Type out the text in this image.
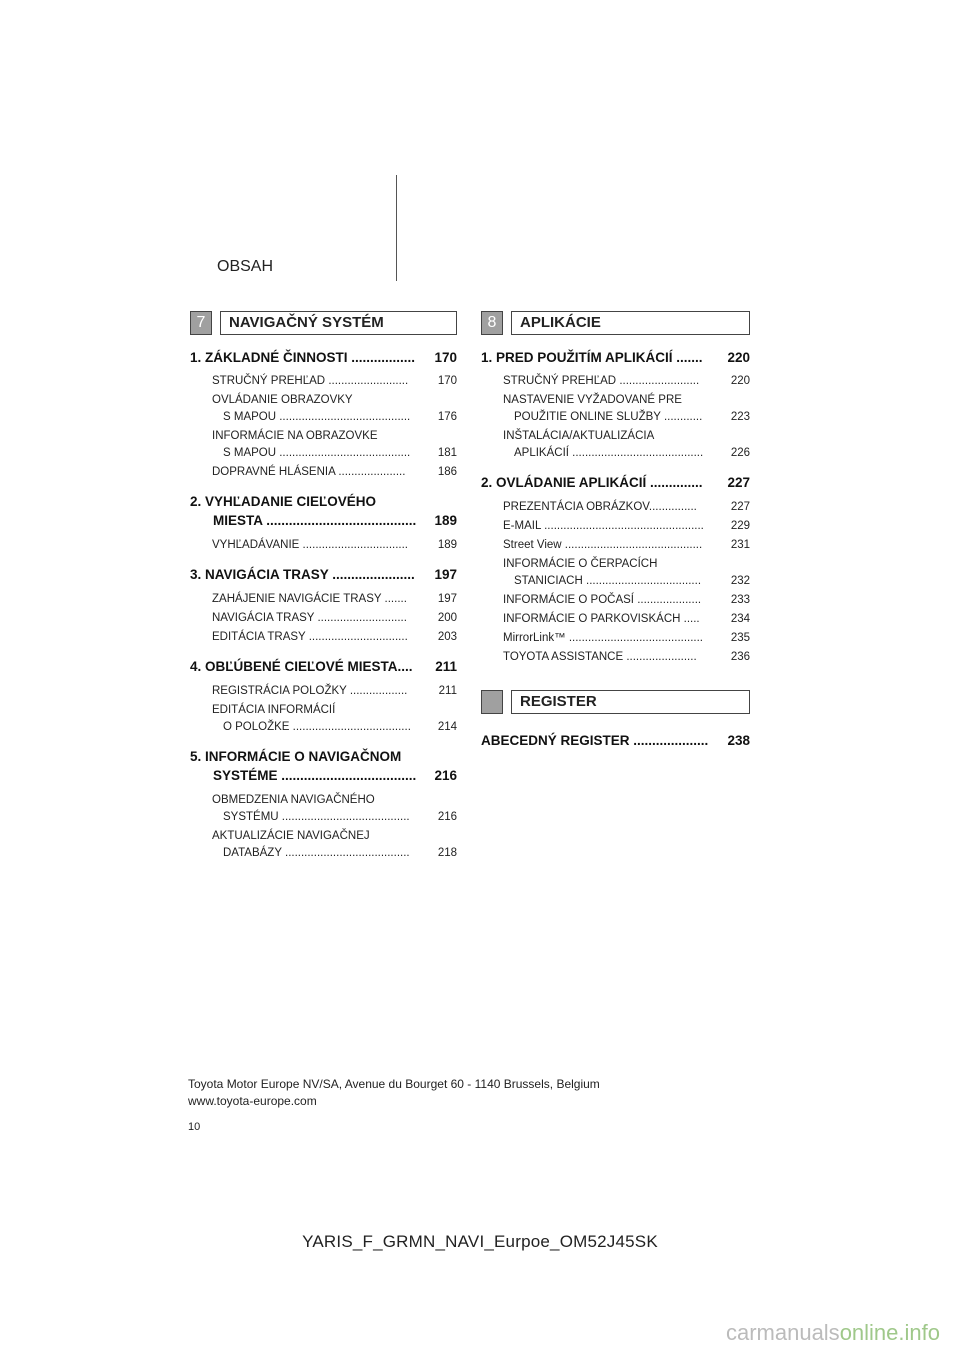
OBSAH
7	NAVIGAČNÝ SYSTÉM	8	APLIKÁCIE
REGISTER
1. ZÁKLADNÉ ČINNOSTI .................	170
STRUČNÝ PREHĽAD .........................	170
OVLÁDANIE OBRAZOVKY
S MAPOU .........................................	176
INFORMÁCIE NA OBRAZOVKE
S MAPOU .........................................	181
DOPRAVNÉ HLÁSENIA .....................	186
2. VYHĽADANIE CIEĽOVÉHO
MIESTA ........................................	189
VYHĽADÁVANIE .................................	189
3. NAVIGÁCIA TRASY ......................	197
ZAHÁJENIE NAVIGÁCIE TRASY .......	197
NAVIGÁCIA TRASY ............................	200
EDITÁCIA TRASY ...............................	203
4. OBĽÚBENÉ CIEĽOVÉ MIESTA....	211
REGISTRÁCIA POLOŽKY ..................	211
EDITÁCIA INFORMÁCIÍ
O POLOŽKE .....................................	214
5. INFORMÁCIE O NAVIGAČNOM
SYSTÉME ....................................	216
OBMEDZENIA NAVIGAČNÉHO
SYSTÉMU ........................................	216
AKTUALIZÁCIE NAVIGAČNEJ
DATABÁZY .......................................	218
1. PRED POUŽITÍM APLIKÁCIÍ .......	220
STRUČNÝ PREHĽAD .........................	220
NASTAVENIE VYŽADOVANÉ PRE
POUŽITIE ONLINE SLUŽBY ............	223
INŠTALÁCIA/AKTUALIZÁCIA
APLIKÁCIÍ .........................................	226
2. OVLÁDANIE APLIKÁCIÍ ..............	227
PREZENTÁCIA OBRÁZKOV...............	227
E-MAIL ..................................................	229
Street View ...........................................	231
INFORMÁCIE O ČERPACÍCH
STANICIACH ....................................	232
INFORMÁCIE O POČASÍ ....................	233
INFORMÁCIE O PARKOVISKÁCH .....	234
MirrorLink™ ..........................................	235
TOYOTA ASSISTANCE ......................	236
ABECEDNÝ REGISTER ....................	238
Toyota Motor Europe NV/SA, Avenue du Bourget 60 - 1140 Brussels, Belgium
www.toyota-europe.com
10
YARIS_F_GRMN_NAVI_Eurpoe_OM52J45SK
carmanualsonline.info
